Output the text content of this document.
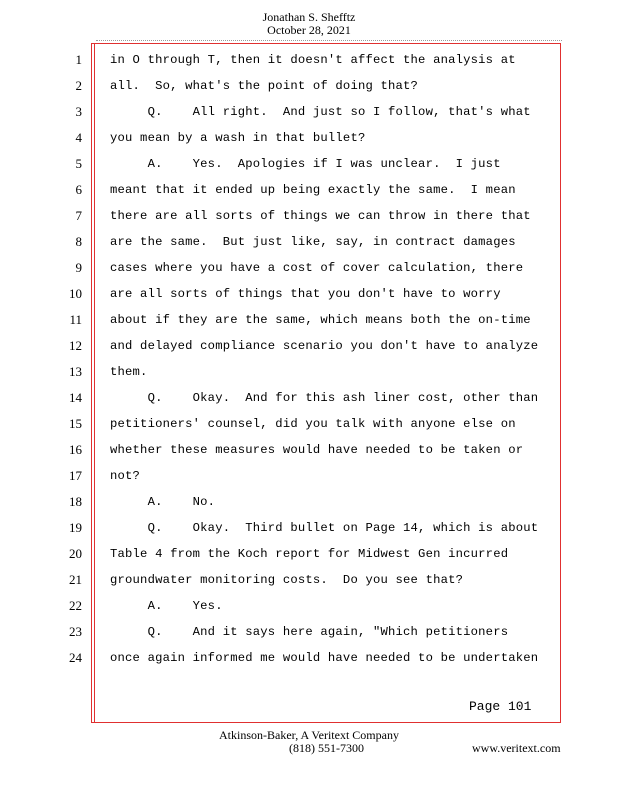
Jonathan S. Shefftz
October 28, 2021
1 in O through T, then it doesn't affect the analysis at
2 all.  So, what's the point of doing that?
3 Q.    All right.  And just so I follow, that's what
4 you mean by a wash in that bullet?
5 A.    Yes.  Apologies if I was unclear.  I just
6 meant that it ended up being exactly the same.  I mean
7 there are all sorts of things we can throw in there that
8 are the same.  But just like, say, in contract damages
9 cases where you have a cost of cover calculation, there
10 are all sorts of things that you don't have to worry
11 about if they are the same, which means both the on-time
12 and delayed compliance scenario you don't have to analyze
13 them.
14 Q.    Okay.  And for this ash liner cost, other than
15 petitioners' counsel, did you talk with anyone else on
16 whether these measures would have needed to be taken or
17 not?
18 A.    No.
19 Q.    Okay.  Third bullet on Page 14, which is about
20 Table 4 from the Koch report for Midwest Gen incurred
21 groundwater monitoring costs.  Do you see that?
22 A.    Yes.
23 Q.    And it says here again, "Which petitioners
24 once again informed me would have needed to be undertaken
Page 101
Atkinson-Baker, A Veritext Company
(818) 551-7300	www.veritext.com
